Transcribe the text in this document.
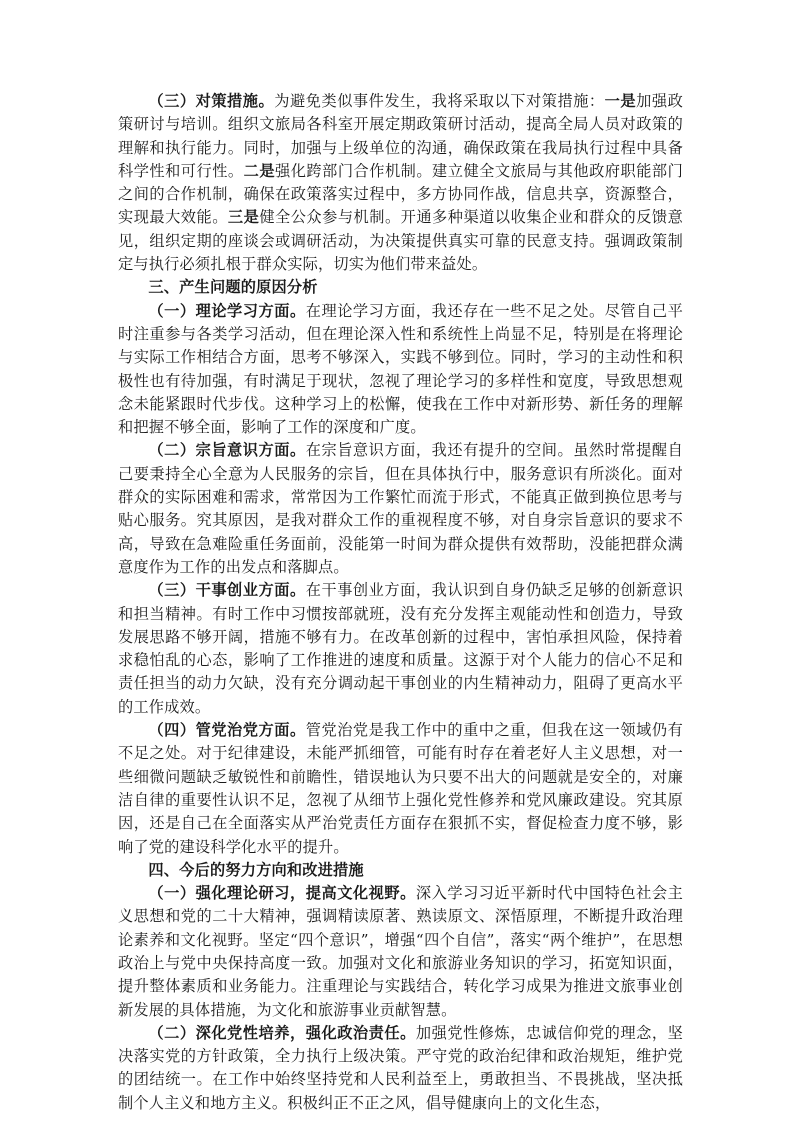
（三）对策措施。为避免类似事件发生，我将采取以下对策措施：一是加强政策研讨与培训。组织文旅局各科室开展定期政策研讨活动，提高全局人员对政策的理解和执行能力。同时，加强与上级单位的沟通，确保政策在我局执行过程中具备科学性和可行性。二是强化跨部门合作机制。建立健全文旅局与其他政府职能部门之间的合作机制，确保在政策落实过程中，多方协同作战，信息共享，资源整合，实现最大效能。三是健全公众参与机制。开通多种渠道以收集企业和群众的反馈意见，组织定期的座谈会或调研活动，为决策提供真实可靠的民意支持。强调政策制定与执行必须扎根于群众实际，切实为他们带来益处。

三、产生问题的原因分析

（一）理论学习方面。在理论学习方面，我还存在一些不足之处。尽管自己平时注重参与各类学习活动，但在理论深入性和系统性上尚显不足，特别是在将理论与实际工作相结合方面，思考不够深入，实践不够到位。同时，学习的主动性和积极性也有待加强，有时满足于现状，忽视了理论学习的多样性和宽度，导致思想观念未能紧跟时代步伐。这种学习上的松懈，使我在工作中对新形势、新任务的理解和把握不够全面，影响了工作的深度和广度。

（二）宗旨意识方面。在宗旨意识方面，我还有提升的空间。虽然时常提醒自己要秉持全心全意为人民服务的宗旨，但在具体执行中，服务意识有所淡化。面对群众的实际困难和需求，常常因为工作繁忙而流于形式，不能真正做到换位思考与贴心服务。究其原因，是我对群众工作的重视程度不够，对自身宗旨意识的要求不高，导致在急难险重任务面前，没能第一时间为群众提供有效帮助，没能把群众满意度作为工作的出发点和落脚点。

（三）干事创业方面。在干事创业方面，我认识到自身仍缺乏足够的创新意识和担当精神。有时工作中习惯按部就班，没有充分发挥主观能动性和创造力，导致发展思路不够开阔，措施不够有力。在改革创新的过程中，害怕承担风险，保持着求稳怕乱的心态，影响了工作推进的速度和质量。这源于对个人能力的信心不足和责任担当的动力欠缺，没有充分调动起干事创业的内生精神动力，阻碍了更高水平的工作成效。

（四）管党治党方面。管党治党是我工作中的重中之重，但我在这一领域仍有不足之处。对于纪律建设，未能严抓细管，可能有时存在着老好人主义思想，对一些细微问题缺乏敏锐性和前瞻性，错误地认为只要不出大的问题就是安全的，对廉洁自律的重要性认识不足，忽视了从细节上强化党性修养和党风廉政建设。究其原因，还是自己在全面落实从严治党责任方面存在狠抓不实，督促检查力度不够，影响了党的建设科学化水平的提升。

四、今后的努力方向和改进措施

（一）强化理论研习，提高文化视野。深入学习习近平新时代中国特色社会主义思想和党的二十大精神，强调精读原著、熟读原文、深悟原理，不断提升政治理论素养和文化视野。坚定“四个意识”，增强“四个自信”，落实“两个维护”，在思想政治上与党中央保持高度一致。加强对文化和旅游业务知识的学习，拓宽知识面，提升整体素质和业务能力。注重理论与实践结合，转化学习成果为推进文旅事业创新发展的具体措施，为文化和旅游事业贡献智慧。

（二）深化党性培养，强化政治责任。加强党性修炼，忠诚信仰党的理念，坚决落实党的方针政策，全力执行上级决策。严守党的政治纪律和政治规矩，维护党的团结统一。在工作中始终坚持党和人民利益至上，勇敢担当、不畏挑战，坚决抵制个人主义和地方主义。积极纠正不正之风，倡导健康向上的文化生态，
